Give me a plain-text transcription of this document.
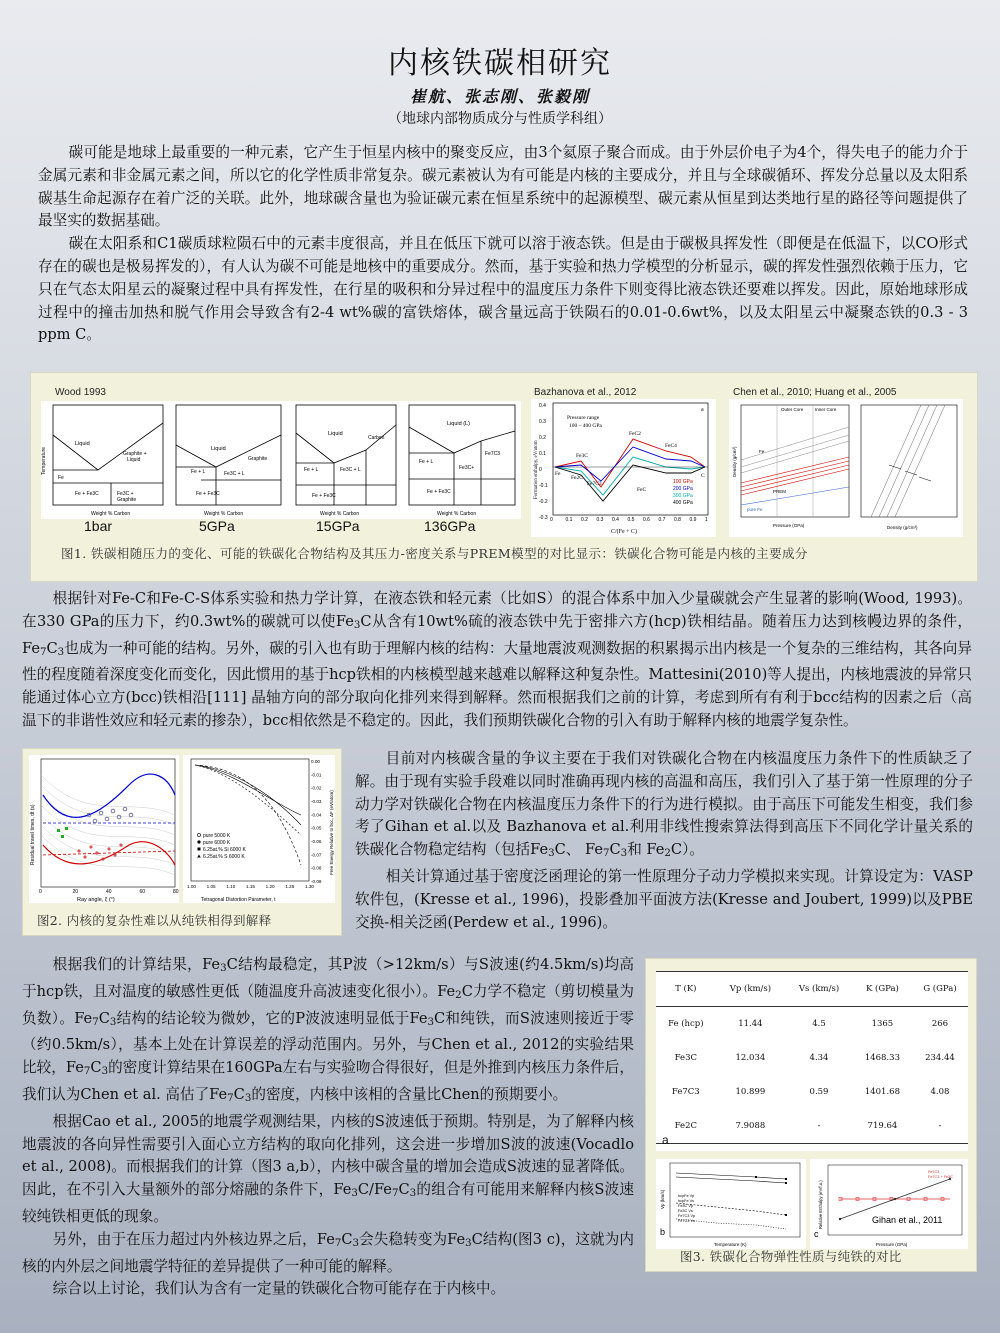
内核铁碳相研究
崔航、张志刚、张毅刚
（地球内部物质成分与性质学科组）

碳可能是地球上最重要的一种元素，它产生于恒星内核中的聚变反应，由3个氦原子聚合而成。由于外层价电子为4个，得失电子的能力介于金属元素和非金属元素之间，所以它的化学性质非常复杂。碳元素被认为有可能是内核的主要成分，并且与全球碳循环、挥发分总量以及太阳系碳基生命起源存在着广泛的关联。此外，地球碳含量也为验证碳元素在恒星系统中的起源模型、碳元素从恒星到达类地行星的路径等问题提供了最坚实的数据基础。

碳在太阳系和C1碳质球粒陨石中的元素丰度很高，并且在低压下就可以溶于液态铁。但是由于碳极具挥发性（即便是在低温下，以CO形式存在的碳也是极易挥发的），有人认为碳不可能是地核中的重要成分。然而，基于实验和热力学模型的分析显示，碳的挥发性强烈依赖于压力，它只在气态太阳星云的凝聚过程中具有挥发性，在行星的吸积和分异过程中的温度压力条件下则变得比液态铁还要难以挥发。因此，原始地球形成过程中的撞击加热和脱气作用会导致含有2-4 wt%碳的富铁熔体，碳含量远高于铁陨石的0.01-0.6wt%，以及太阳星云中凝聚态铁的0.3 - 3 ppm C。

Wood 1993	Bazhanova et al., 2012	Chen et al., 2010; Huang et al., 2005
Liquid
Graphite +
Liquid
Fe
Fe + Fe3C	Fe3C +
Graphite
Temperature
Weight % Carbon
Liquid
Graphite
Fe + L	Fe3C + L
Fe + Fe3C
Weight % Carbon
Liquid
Carbon
Fe + L	Fe3C + L
Fe + Fe3C
Weight % Carbon
Liquid (L)
Fe + L
Fe7C3
Fe3C+
Fe + Fe3C
Weight % Carbon
1bar	5GPa	15GPa	136GPa
Pressure range
100 – 400 GPa
a
Fe3C
Fe7C3
FeC2
FeC4
Fe2C
FeC
Fe	C
100 GPa
200 GPa
300 GPa
400 GPa
0	0.1 0.2 0.3 0.4 0.5 0.6 0.7 0.8 0.9 1
0.4
0.3
0.2
0.1
0
-0.1
-0.2
-0.3
C/(Fe + C)
Formation enthalpy, eV/atom
Outer Core	Inner Core
PREM
pure Fe
Fe
Pressure (GPa)
Density (g/cm³)
Density (g/cm³)
图1. 铁碳相随压力的变化、可能的铁碳化合物结构及其压力-密度关系与PREM模型的对比显示：铁碳化合物可能是内核的主要成分

根据针对Fe-C和Fe-C-S体系实验和热力学计算，在液态铁和轻元素（比如S）的混合体系中加入少量碳就会产生显著的影响(Wood, 1993)。在330 GPa的压力下，约0.3wt%的碳就可以使$Fe_3C$从含有10wt%硫的液态铁中先于密排六方(hcp)铁相结晶。随着压力达到核幔边界的条件，$Fe_7C_3$也成为一种可能的结构。另外，碳的引入也有助于理解内核的结构：大量地震波观测数据的积累揭示出内核是一个复杂的三维结构，其各向异性的程度随着深度变化而变化，因此惯用的基于hcp铁相的内核模型越来越难以解释这种复杂性。Mattesini(2010)等人提出，内核地震波的异常只能通过体心立方(bcc)铁相沿[111] 晶轴方向的部分取向化排列来得到解释。然而根据我们之前的计算，考虑到所有有利于bcc结构的因素之后（高温下的非谐性效应和轻元素的掺杂），bcc相依然是不稳定的。因此，我们预期铁碳化合物的引入有助于解释内核的地震学复杂性。

0	20	40	60	80
Ray angle, ξ (°)
Residual travel times, dt (s)	pure 5000 K
pure 6000 K
6.25at.% Si 6000 K
6.25at.% S 6000 K
1.00 1.05 1.10 1.15 1.20 1.25 1.30
0.00
-0.01
-0.02
-0.03
-0.04
-0.05
-0.06
-0.07
-0.08
-0.09
Tetragonal Distortion Parameter, t
Free Energy Relative to bcc, ΔF (eV/atom)
图2. 内核的复杂性难以从纯铁相得到解释

目前对内核碳含量的争议主要在于我们对铁碳化合物在内核温度压力条件下的性质缺乏了解。由于现有实验手段难以同时准确再现内核的高温和高压，我们引入了基于第一性原理的分子动力学对铁碳化合物在内核温度压力条件下的行为进行模拟。由于高压下可能发生相变，我们参考了Gihan et al.以及 Bazhanova et al.利用非线性搜索算法得到高压下不同化学计量关系的铁碳化合物稳定结构（包括$Fe_3C$、 $Fe_7C_3$和 $Fe_2C$）。

相关计算通过基于密度泛函理论的第一性原理分子动力学模拟来实现。计算设定为：VASP软件包，(Kresse et al., 1996)，投影叠加平面波方法(Kresse and Joubert, 1999)以及PBE交换-相关泛函(Perdew et al., 1996)。

根据我们的计算结果，$Fe_3C$结构最稳定，其P波（>12km/s）与S波速(约4.5km/s)均高于hcp铁，且对温度的敏感性更低（随温度升高波速变化很小）。$Fe_2C$力学不稳定（剪切模量为负数）。$Fe_7C_3$结构的结论较为微妙，它的P波波速明显低于$Fe_3C$和纯铁，而S波速则接近于零（约0.5km/s），基本上处在计算误差的浮动范围内。另外，与Chen et al., 2012的实验结果比较，$Fe_7C_3$的密度计算结果在160GPa左右与实验吻合得很好，但是外推到内核压力条件后，我们认为Chen et al. 高估了$Fe_7C_3$的密度，内核中该相的含量比Chen的预期要小。

根据Cao et al., 2005的地震学观测结果，内核的S波速低于预期。特别是，为了解释内核地震波的各向异性需要引入面心立方结构的取向化排列，这会进一步增加S波的波速(Vocadlo et al., 2008)。而根据我们的计算（图3 a,b），内核中碳含量的增加会造成S波速的显著降低。 因此，在不引入大量额外的部分熔融的条件下，$Fe_3C/Fe_7C_3$的组合有可能用来解释内核S波速较纯铁相更低的现象。

另外，由于在压力超过内外核边界之后，$Fe_7C_3$会失稳转变为$Fe_3C$结构(图3 c)，这就为内核的内外层之间地震学特征的差异提供了一种可能的解释。

综合以上讨论，我们认为含有一定量的铁碳化合物可能存在于内核中。

T (K)	Vp (km/s)	Vs (km/s)	K (GPa)	G (GPa)
Fe (hcp)	11.44	4.5	1365	266
Fe3C	12.034	4.34	1468.33	234.44
Fe7C3	10.899	0.59	1401.68	4.08
Fe2C	7.9088	-	719.64	-
a
hcpFe Vp
hcpFe Vs
Fe3C Vp
Fe3C Vs
Fe7C3 Vp
Fe7C3 Vs
b
Temperature (K)
Vp (km/s)
Fe7C3
Fe7C3 + Fe3C
Gihan et al., 2011
c
Pressure (GPa)
Relative Enthalpy (eV/f.u.)
图3. 铁碳化合物弹性性质与纯铁的对比
